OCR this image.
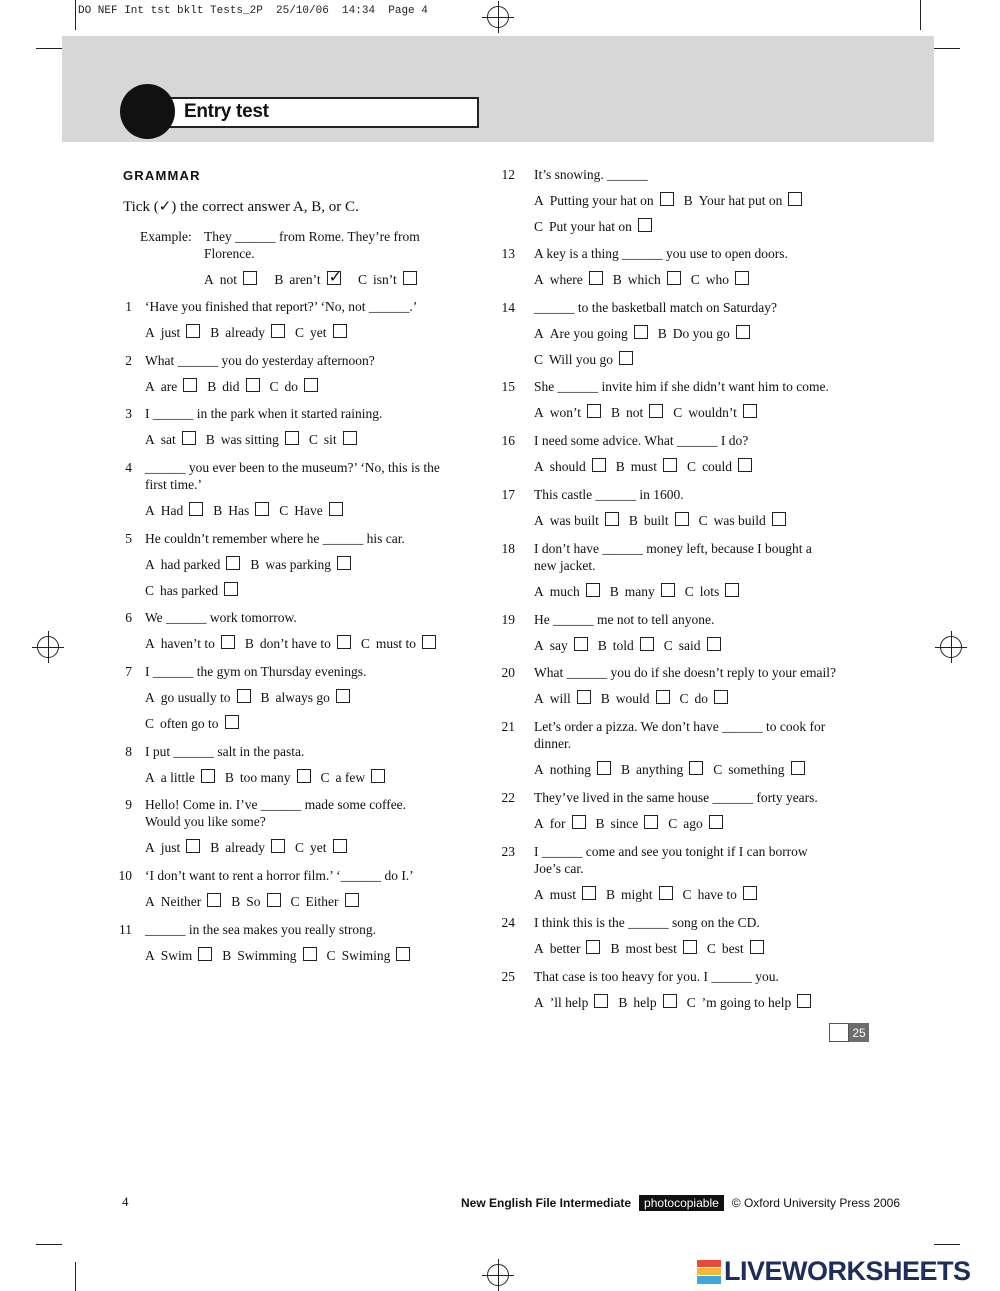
DO NEF Int tst bklt Tests_2P  25/10/06  14:34  Page 4
Entry test
GRAMMAR
Tick (✓) the correct answer A, B, or C.
Example: They ______ from Rome. They’re from
Florence.
A not	B aren’t✓	C isn’t
1 ‘Have you finished that report?’ ‘No, not ______.’
A just B already C yet
2 What ______ you do yesterday afternoon?
A are B did C do
3 I ______ in the park when it started raining.
A sat B was sitting C sit
4 ______ you ever been to the museum?’ ‘No, this is the
first time.’
A Had B Has C Have
5 He couldn’t remember where he ______ his car.
A had parked B was parking
C has parked
6 We ______ work tomorrow.
A haven’t to B don’t have to C must to
7 I ______ the gym on Thursday evenings.
A go usually to B always go
C often go to
8 I put ______ salt in the pasta.
A a little B too many C a few
9 Hello! Come in. I’ve ______ made some coffee.
Would you like some?
A just B already C yet
10 ‘I don’t want to rent a horror film.’ ‘______ do I.’
A Neither B So C Either
11 ______ in the sea makes you really strong.
A Swim B Swimming C Swiming
12 It’s snowing. ______
A Putting your hat on B Your hat put on
C Put your hat on
13 A key is a thing ______ you use to open doors.
A where B which C who
14 ______ to the basketball match on Saturday?
A Are you going B Do you go
C Will you go
15 She ______ invite him if she didn’t want him to come.
A won’t B not C wouldn’t
16 I need some advice. What ______ I do?
A should B must C could
17 This castle ______ in 1600.
A was built B built C was build
18 I don’t have ______ money left, because I bought a
new jacket.
A much B many C lots
19 He ______ me not to tell anyone.
A say B told C said
20 What ______ you do if she doesn’t reply to your email?
A will B would C do
21 Let’s order a pizza. We don’t have ______ to cook for
dinner.
A nothing B anything C something
22 They’ve lived in the same house ______ forty years.
A for B since C ago
23 I ______ come and see you tonight if I can borrow
Joe’s car.
A must B might C have to
24 I think this is the ______ song on the CD.
A better B most best C best
25 That case is too heavy for you. I ______ you.
A ’ll help B help C ’m going to help
25
4	New English File Intermediate	photocopiable	© Oxford University Press 2006
LIVEWORKSHEETS
